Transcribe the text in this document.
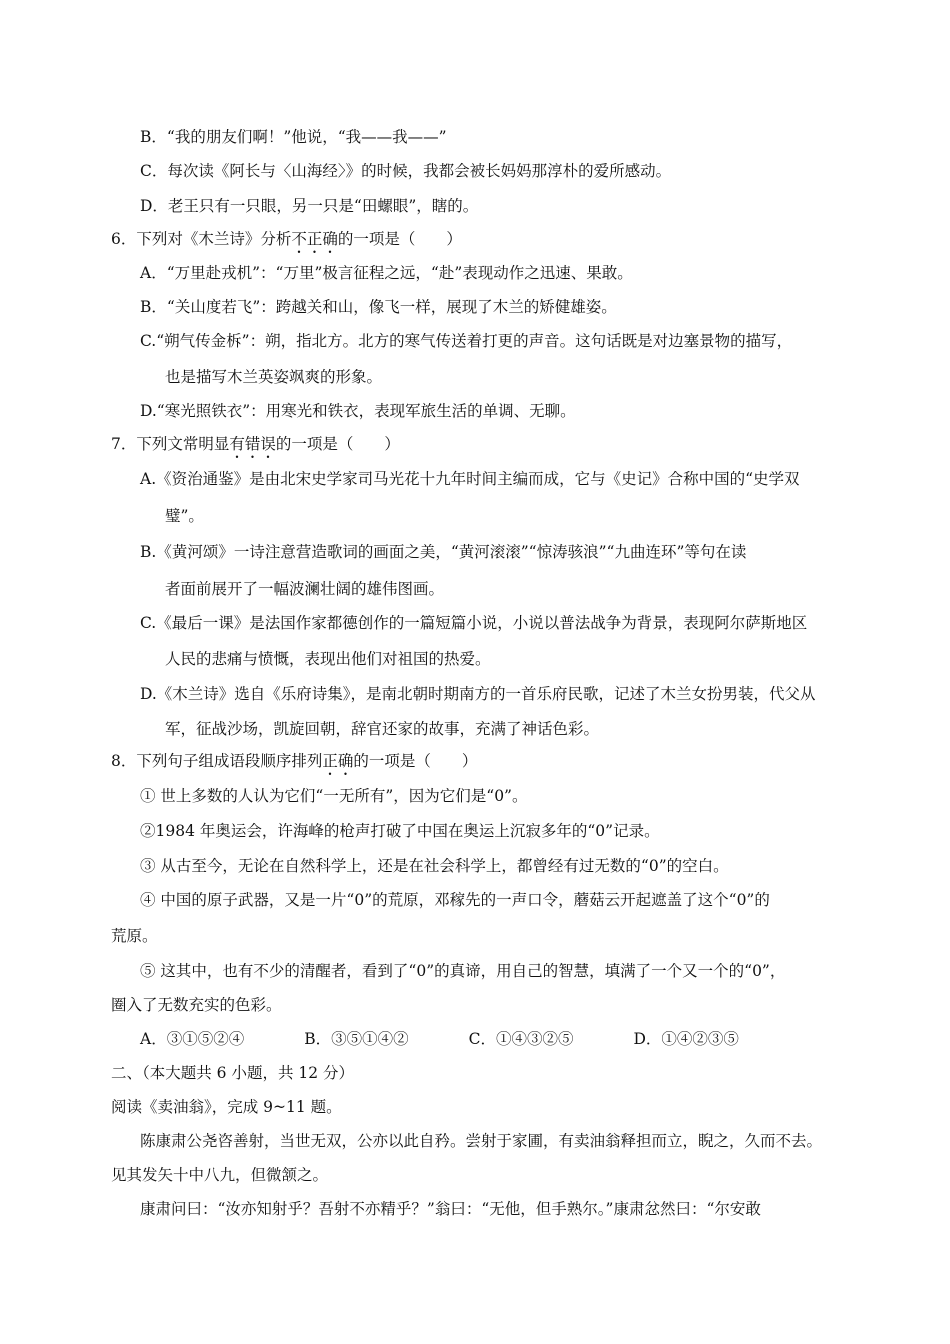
B．“我的朋友们啊！”他说，“我——我——”
C．每次读《阿长与〈山海经〉》的时候，我都会被长妈妈那淳朴的爱所感动。
D．老王只有一只眼，另一只是“田螺眼”，瞎的。
6．下列对《木兰诗》分析不正确的一项是（　　）
A．“万里赴戎机”：“万里”极言征程之远，“赴”表现动作之迅速、果敢。
B．“关山度若飞”：跨越关和山，像飞一样，展现了木兰的矫健雄姿。
C.“朔气传金柝”：朔，指北方。北方的寒气传送着打更的声音。这句话既是对边塞景物的描写，
也是描写木兰英姿飒爽的形象。
D.“寒光照铁衣”：用寒光和铁衣，表现军旅生活的单调、无聊。
7．下列文常明显有错误的一项是（　　）
A.《资治通鉴》是由北宋史学家司马光花十九年时间主编而成，它与《史记》合称中国的“史学双
璧”。
B.《黄河颂》一诗注意营造歌词的画面之美，“黄河滚滚”“惊涛骇浪”“九曲连环”等句在读
者面前展开了一幅波澜壮阔的雄伟图画。
C.《最后一课》是法国作家都德创作的一篇短篇小说，小说以普法战争为背景，表现阿尔萨斯地区
人民的悲痛与愤慨，表现出他们对祖国的热爱。
D.《木兰诗》选自《乐府诗集》，是南北朝时期南方的一首乐府民歌，记述了木兰女扮男装，代父从
军，征战沙场，凯旋回朝，辞官还家的故事，充满了神话色彩。
8．下列句子组成语段顺序排列正确的一项是（　　）
① 世上多数的人认为它们“一无所有”，因为它们是“0”。
②1984 年奥运会，许海峰的枪声打破了中国在奥运上沉寂多年的“0”记录。
③ 从古至今，无论在自然科学上，还是在社会科学上，都曾经有过无数的“0”的空白。
④ 中国的原子武器，又是一片“0”的荒原，邓稼先的一声口令，蘑菇云开起遮盖了这个“0”的
荒原。
⑤ 这其中，也有不少的清醒者，看到了“0”的真谛，用自己的智慧，填满了一个又一个的“0”，
圈入了无数充实的色彩。
A．③①⑤②④	B．③⑤①④②	C．①④③②⑤	D．①④②③⑤
二、（本大题共 6 小题，共 12 分）
阅读《卖油翁》，完成 9~11 题。
陈康肃公尧咨善射，当世无双，公亦以此自矜。尝射于家圃，有卖油翁释担而立，睨之，久而不去。
见其发矢十中八九，但微颔之。
康肃问曰：“汝亦知射乎？吾射不亦精乎？”翁曰：“无他，但手熟尔。”康肃忿然曰：“尔安敢
